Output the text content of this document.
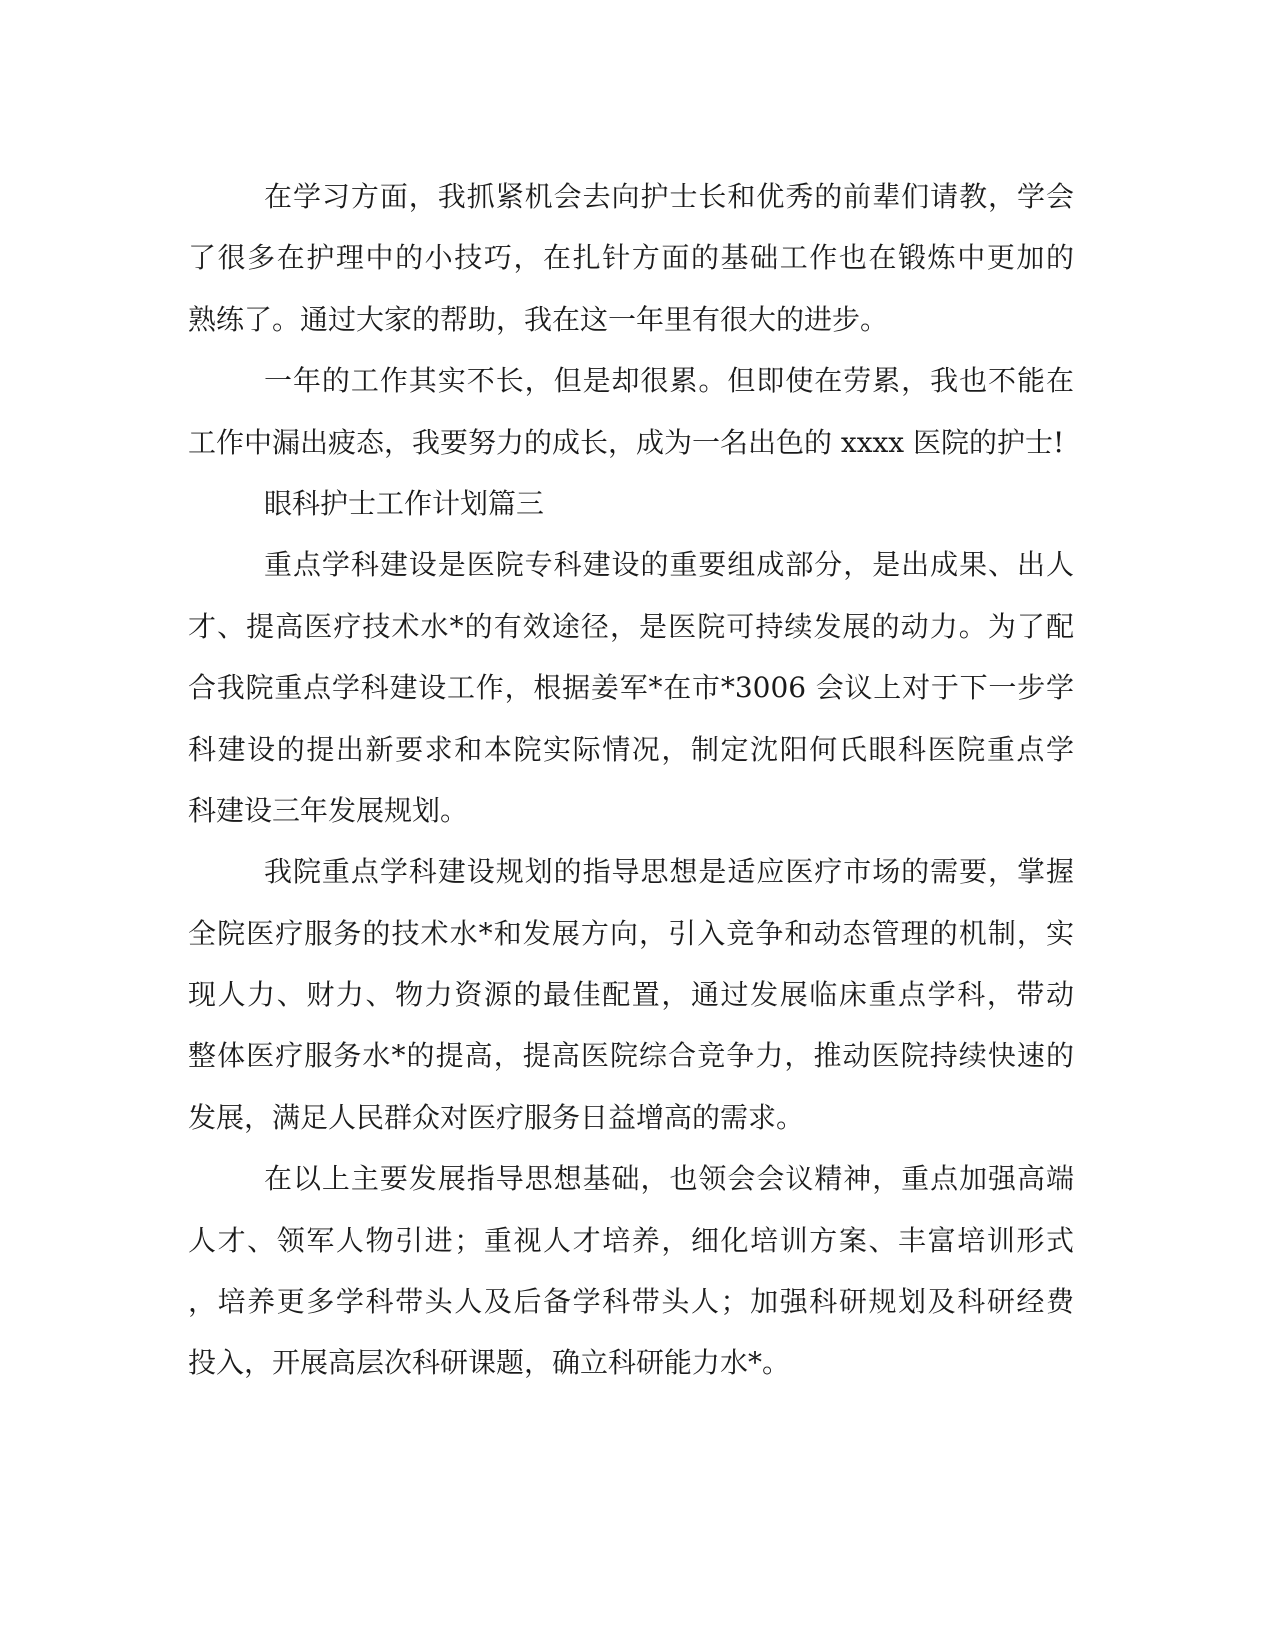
在学习方面，我抓紧机会去向护士长和优秀的前辈们请教，学会
了很多在护理中的小技巧，在扎针方面的基础工作也在锻炼中更加的
熟练了。通过大家的帮助，我在这一年里有很大的进步。
一年的工作其实不长，但是却很累。但即使在劳累，我也不能在
工作中漏出疲态，我要努力的成长，成为一名出色的 xxxx 医院的护士!
眼科护士工作计划篇三
重点学科建设是医院专科建设的重要组成部分，是出成果、出人
才、提高医疗技术水*的有效途径，是医院可持续发展的动力。为了配
合我院重点学科建设工作，根据姜军*在市*3006 会议上对于下一步学
科建设的提出新要求和本院实际情况，制定沈阳何氏眼科医院重点学
科建设三年发展规划。
我院重点学科建设规划的指导思想是适应医疗市场的需要，掌握
全院医疗服务的技术水*和发展方向，引入竞争和动态管理的机制，实
现人力、财力、物力资源的最佳配置，通过发展临床重点学科，带动
整体医疗服务水*的提高，提高医院综合竞争力，推动医院持续快速的
发展，满足人民群众对医疗服务日益增高的需求。
在以上主要发展指导思想基础，也领会会议精神，重点加强高端
人才、领军人物引进；重视人才培养，细化培训方案、丰富培训形式
，培养更多学科带头人及后备学科带头人；加强科研规划及科研经费
投入，开展高层次科研课题，确立科研能力水*。
